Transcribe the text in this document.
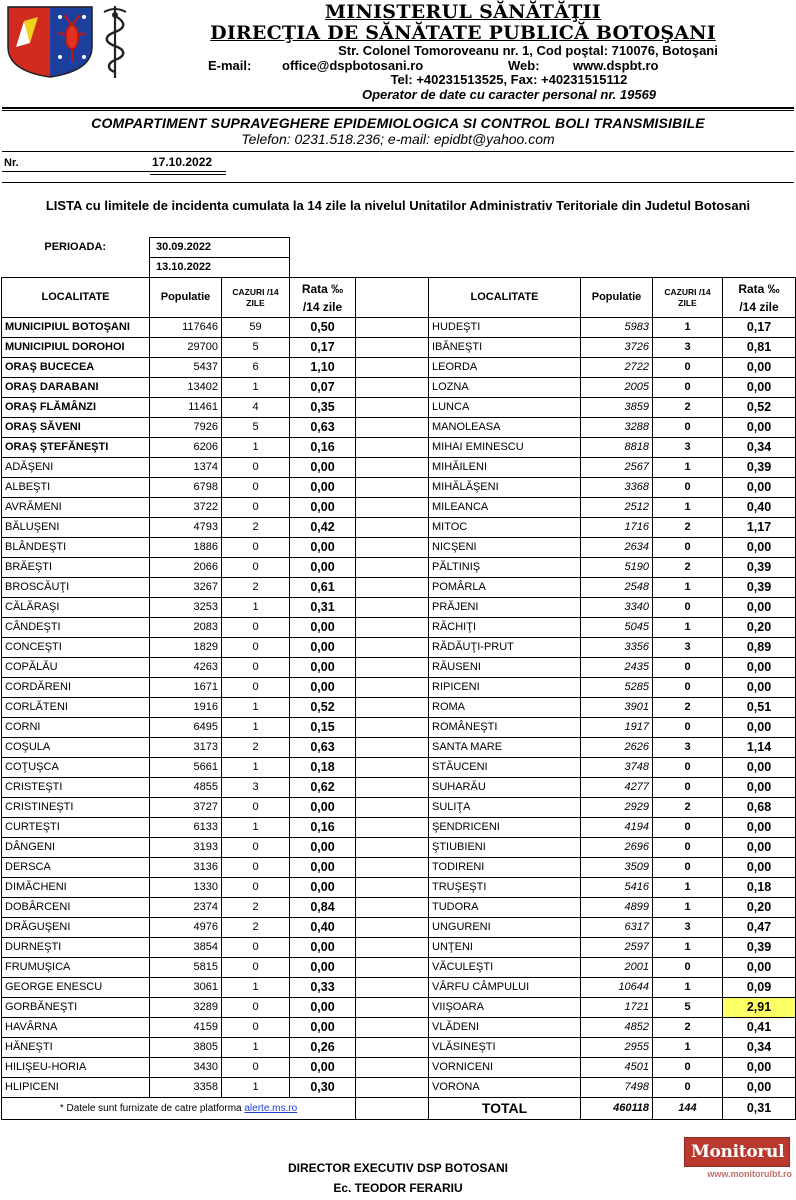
MINISTERUL SĂNĂTĂŢII
DIRECŢIA DE SĂNĂTATE PUBLICĂ BOTOŞANI
Str. Colonel Tomoroveanu nr. 1, Cod poştal: 710076, Botoşani
E-mail: office@dspbotosani.ro	Web:	www.dspbt.ro
Tel: +40231513525, Fax: +40231515112
Operator de date cu caracter personal nr. 19569
COMPARTIMENT SUPRAVEGHERE EPIDEMIOLOGICA SI CONTROL BOLI TRANSMISIBILE
Telefon: 0231.518.236; e-mail: epidbt@yahoo.com
Nr.	17.10.2022
LISTA cu limitele de incidenta cumulata la 14 zile la nivelul Unitatilor Administrativ Teritoriale din Judetul Botosani
PERIOADA:	30.09.2022							
	13.10.2022							
LOCALITATE	Populatie	CAZURI /14 ZILE	Rata ‰
/14 zile		LOCALITATE	Populatie	CAZURI /14 ZILE	Rata ‰
/14 zile
MUNICIPIUL BOTOŞANI	117646	59	0,50		HUDEŞTI	5983	1	0,17
MUNICIPIUL DOROHOI	29700	5	0,17		IBĂNEŞTI	3726	3	0,81
ORAŞ BUCECEA	5437	6	1,10		LEORDA	2722	0	0,00
ORAŞ DARABANI	13402	1	0,07		LOZNA	2005	0	0,00
ORAŞ FLĂMÂNZI	11461	4	0,35		LUNCA	3859	2	0,52
ORAŞ SĂVENI	7926	5	0,63		MANOLEASA	3288	0	0,00
ORAŞ ŞTEFĂNEŞTI	6206	1	0,16		MIHAI EMINESCU	8818	3	0,34
ADĂŞENI	1374	0	0,00		MIHĂILENI	2567	1	0,39
ALBEŞTI	6798	0	0,00		MIHĂLĂŞENI	3368	0	0,00
AVRĂMENI	3722	0	0,00		MILEANCA	2512	1	0,40
BĂLUŞENI	4793	2	0,42		MITOC	1716	2	1,17
BLÂNDEŞTI	1886	0	0,00		NICŞENI	2634	0	0,00
BRĂEŞTI	2066	0	0,00		PĂLTINIŞ	5190	2	0,39
BROSCĂUŢI	3267	2	0,61		POMÂRLA	2548	1	0,39
CĂLĂRAŞI	3253	1	0,31		PRĂJENI	3340	0	0,00
CÂNDEŞTI	2083	0	0,00		RĂCHIŢI	5045	1	0,20
CONCEŞTI	1829	0	0,00		RĂDĂUŢI-PRUT	3356	3	0,89
COPĂLĂU	4263	0	0,00		RĂUSENI	2435	0	0,00
CORDĂRENI	1671	0	0,00		RIPICENI	5285	0	0,00
CORLĂTENI	1916	1	0,52		ROMA	3901	2	0,51
CORNI	6495	1	0,15		ROMÂNEŞTI	1917	0	0,00
COŞULA	3173	2	0,63		SANTA MARE	2626	3	1,14
COŢUŞCA	5661	1	0,18		STĂUCENI	3748	0	0,00
CRISTEŞTI	4855	3	0,62		SUHARĂU	4277	0	0,00
CRISTINEŞTI	3727	0	0,00		SULIŢA	2929	2	0,68
CURTEŞTI	6133	1	0,16		ŞENDRICENI	4194	0	0,00
DÂNGENI	3193	0	0,00		ŞTIUBIENI	2696	0	0,00
DERSCA	3136	0	0,00		TODIRENI	3509	0	0,00
DIMĂCHENI	1330	0	0,00		TRUŞEŞTI	5416	1	0,18
DOBÂRCENI	2374	2	0,84		TUDORA	4899	1	0,20
DRĂGUŞENI	4976	2	0,40		UNGURENI	6317	3	0,47
DURNEŞTI	3854	0	0,00		UNŢENI	2597	1	0,39
FRUMUŞICA	5815	0	0,00		VĂCULEŞTI	2001	0	0,00
GEORGE ENESCU	3061	1	0,33		VÂRFU CÂMPULUI	10644	1	0,09
GORBĂNEŞTI	3289	0	0,00		VIIŞOARA	1721	5	2,91
HAVÂRNA	4159	0	0,00		VLĂDENI	4852	2	0,41
HĂNEŞTI	3805	1	0,26		VLĂSINEŞTI	2955	1	0,34
HILIŞEU-HORIA	3430	0	0,00		VORNICENI	4501	0	0,00
HLIPICENI	3358	1	0,30		VORONA	7498	0	0,00
* Datele sunt furnizate de catre platforma alerte.ms.ro					TOTAL	460118	144	0,31
DIRECTOR EXECUTIV DSP BOTOSANI
Ec. TEODOR FERARIU
Monitorul
www.monitorulbt.ro
